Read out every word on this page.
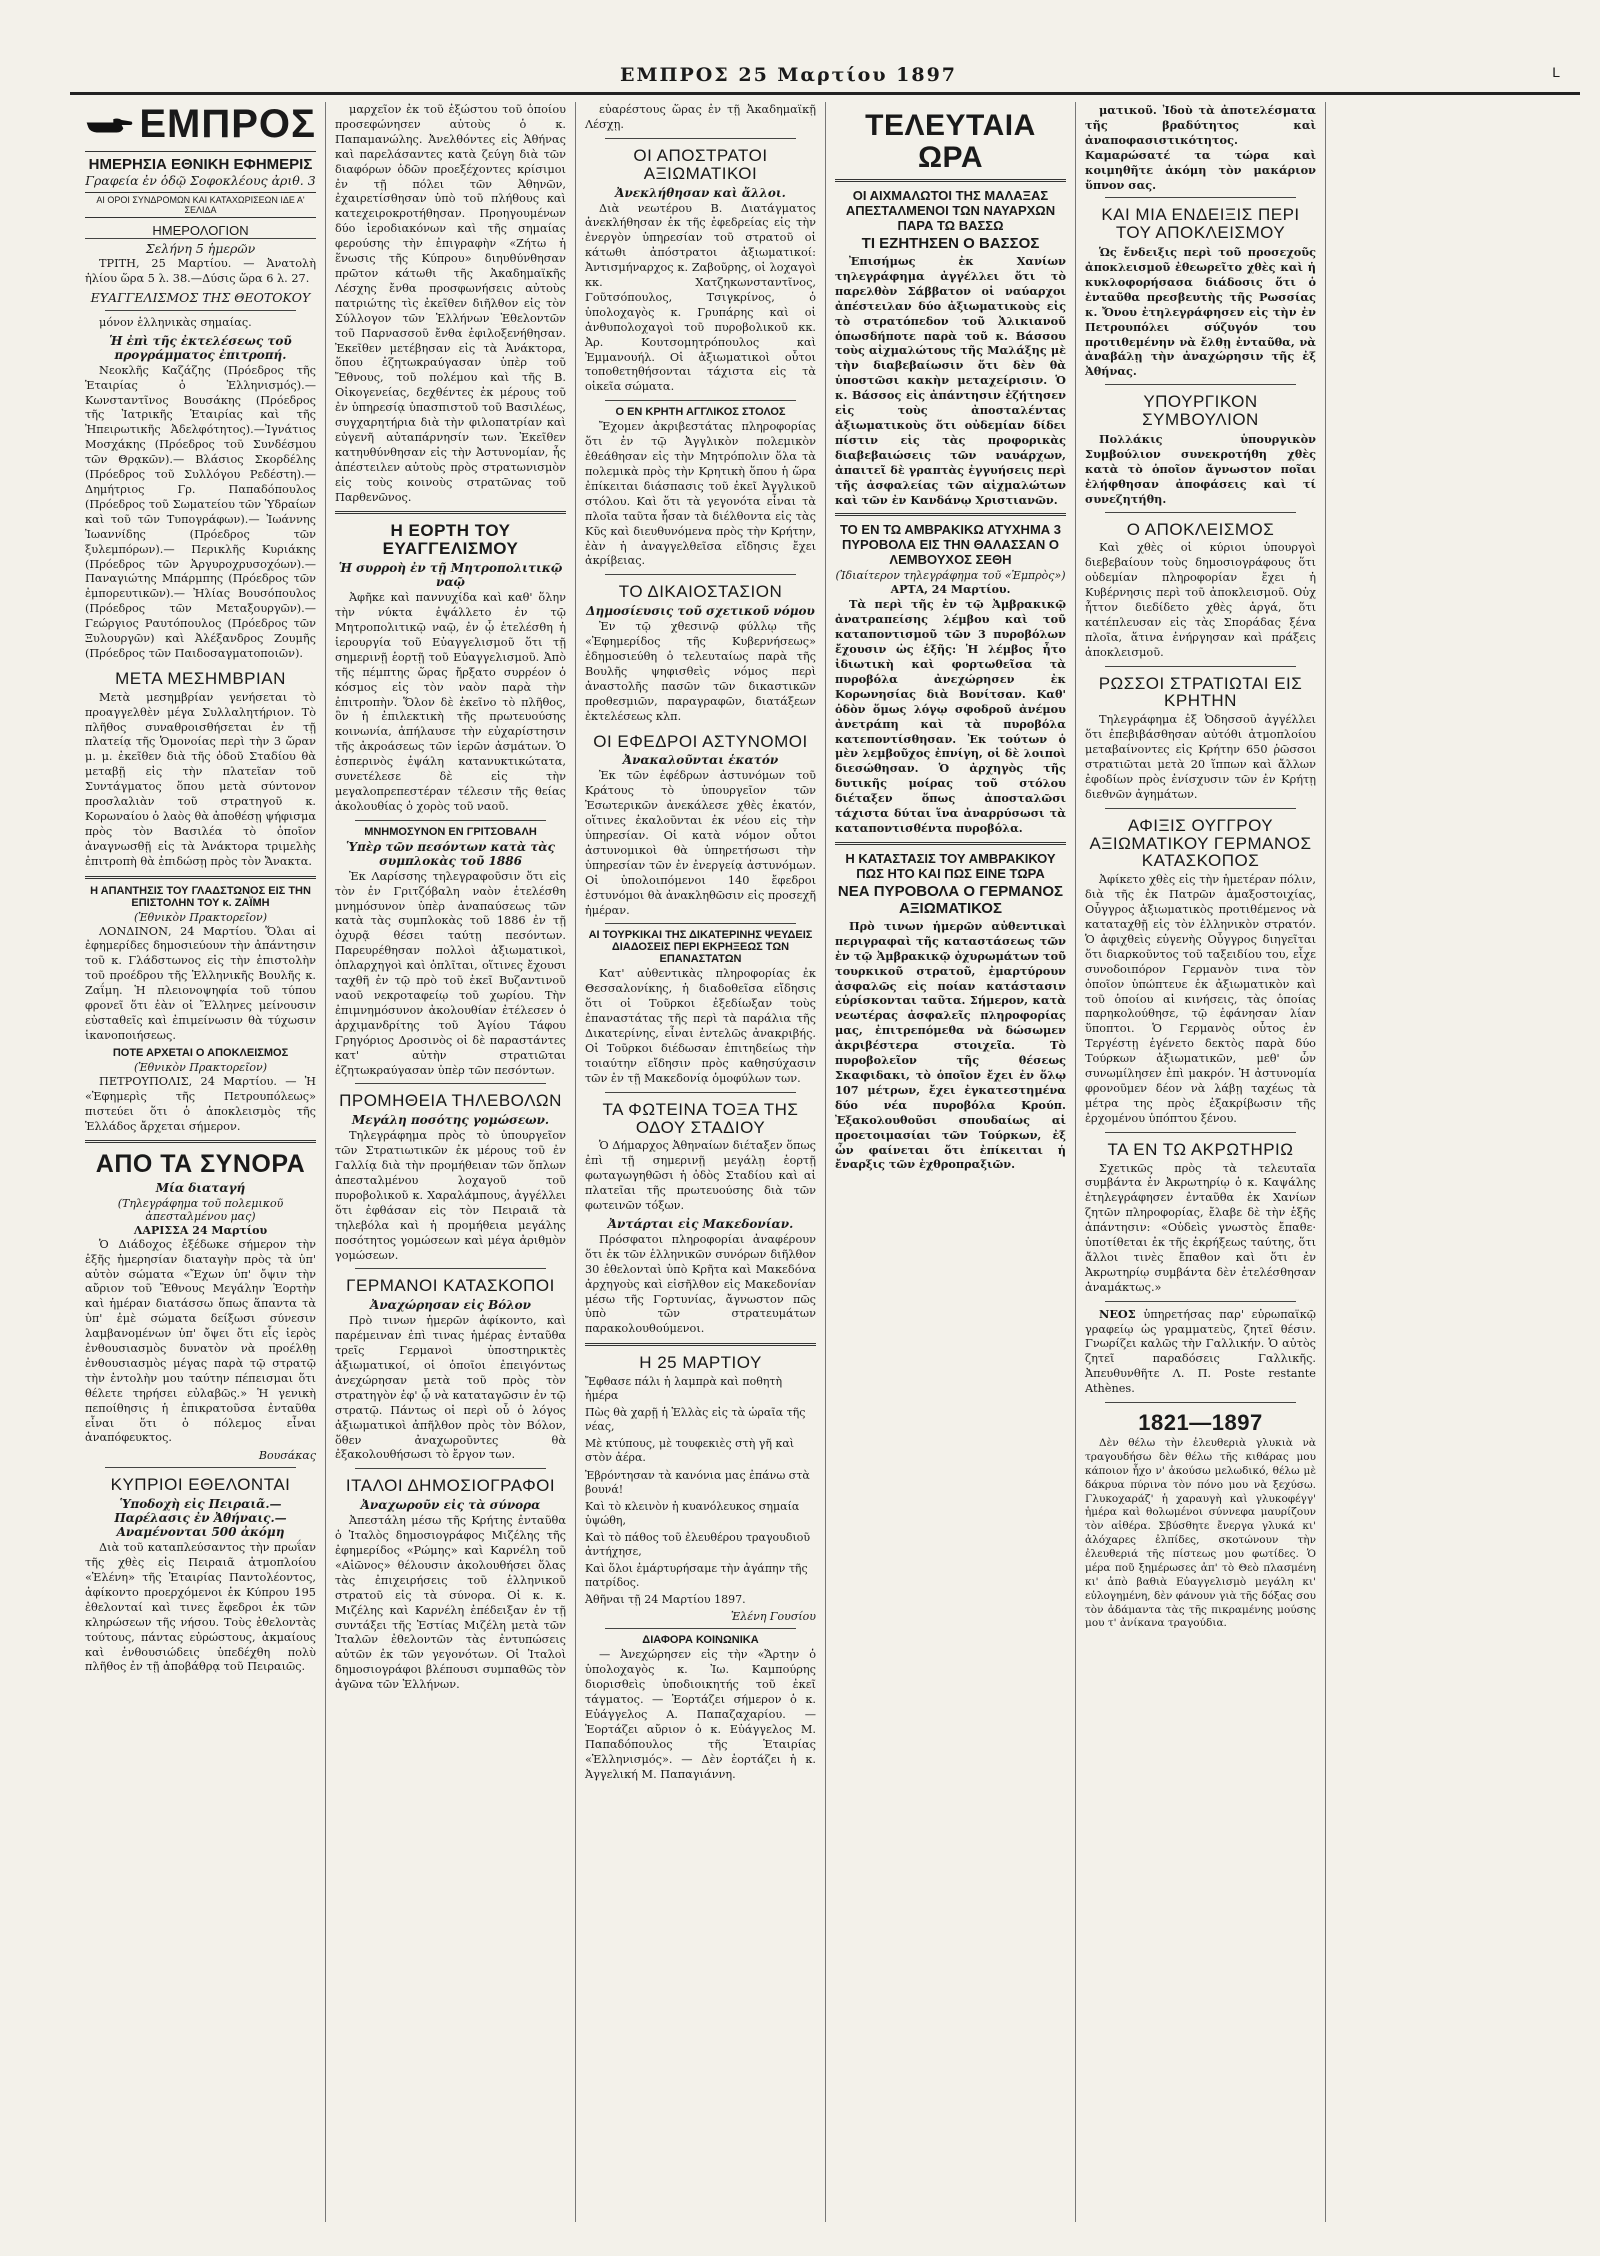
ΕΜΠΡΟΣ 25 Μαρτίου 1897	L
ΕΜΠΡΟΣ
ΗΜΕΡΗΣΙΑ ΕΘΝΙΚΗ ΕΦΗΜΕΡΙΣ
Γραφεία ἐν ὁδῷ Σοφοκλέους ἀριθ. 3
ΑΙ ΟΡΟΙ ΣΥΝΔΡΟΜΩΝ ΚΑΙ ΚΑΤΑΧΩΡΙΣΕΩΝ ΙΔΕ Α' ΣΕΛΙΔΑ
ΗΜΕΡΟΛΟΓΙΟΝ
Σελήνη 5 ἡμερῶν

ΤΡΙΤΗ, 25 Μαρτίου. — Ἀνατολὴ ἡλίου ὥρα 5 λ. 38.—Δύσις ὥρα 6 λ. 27.

ΕΥΑΓΓΕΛΙΣΜΟΣ ΤΗΣ ΘΕΟΤΟΚΟΥ

μόνον ἑλληνικὰς σημαίας.

Ἡ ἐπὶ τῆς ἐκτελέσεως τοῦ προγράμματος ἐπιτροπή.

Νεοκλῆς Καζάζης (Πρόεδρος τῆς Ἑταιρίας ὁ Ἑλληνισμός).—Κωνσταντῖνος Βουσάκης (Πρόεδρος τῆς Ἰατρικῆς Ἑταιρίας καὶ τῆς Ἠπειρωτικῆς Ἀδελφότητος).—Ἰγνάτιος Μοσχάκης (Πρόεδρος τοῦ Συνδέσμου τῶν Θρᾳκῶν).— Βλάσιος Σκορδέλης (Πρόεδρος τοῦ Συλλόγου Ρεδέστη).— Δημήτριος Γρ. Παπαδόπουλος (Πρόεδρος τοῦ Σωματείου τῶν Ὑδραίων καὶ τοῦ τῶν Τυπογράφων).— Ἰωάννης Ἰωαννίδης (Πρόεδρος τῶν ξυλεμπόρων).— Περικλῆς Κυριάκης (Πρόεδρος τῶν Ἀργυροχρυσοχόων).— Παναγιώτης Μπάρμπης (Πρόεδρος τῶν ἐμπορευτικῶν).— Ἠλίας Βουσόπουλος (Πρόεδρος τῶν Μεταξουργῶν).— Γεώργιος Ραυτόπουλος (Πρόεδρος τῶν Ξυλουργῶν) καὶ Ἀλέξανδρος Ζουμῆς (Πρόεδρος τῶν Παιδοσαγματοποιῶν).

ΜΕΤΑ ΜΕΣΗΜΒΡΙΑΝ

Μετὰ μεσημβρίαν γενήσεται τὸ προαγγελθὲν μέγα Συλλαλητήριον. Τὸ πλῆθος συναθροισθήσεται ἐν τῇ πλατείᾳ τῆς Ὁμονοίας περὶ τὴν 3 ὥραν μ. μ. ἐκεῖθεν διὰ τῆς ὁδοῦ Σταδίου θὰ μεταβῇ εἰς τὴν πλατεῖαν τοῦ Συντάγματος ὅπου μετὰ σύντονον προσλαλιὰν τοῦ στρατηγοῦ κ. Κορωναίου ὁ λαὸς θὰ ἀποθέσῃ ψήφισμα πρὸς τὸν Βασιλέα τὸ ὁποῖον ἀναγνωσθῇ εἰς τὰ Ἀνάκτορα τριμελὴς ἐπιτροπὴ θὰ ἐπιδώσῃ πρὸς τὸν Ἄνακτα.

Η ΑΠΑΝΤΗΣΙΣ ΤΟΥ ΓΛΑΔΣΤΩΝΟΣ ΕΙΣ ΤΗΝ ΕΠΙΣΤΟΛΗΝ ΤΟΥ κ. ΖΑΪΜΗ
(Ἐθνικὸν Πρακτορεῖον)

ΛΟΝΔΙΝΟΝ, 24 Μαρτίου. Ὅλαι αἱ ἐφημερίδες δημοσιεύουν τὴν ἀπάντησιν τοῦ κ. Γλάδστωνος εἰς τὴν ἐπιστολὴν τοῦ προέδρου τῆς Ἑλληνικῆς Βουλῆς κ. Ζαΐμη. Ἡ πλειονοψηφία τοῦ τύπου φρονεῖ ὅτι ἐὰν οἱ Ἕλληνες μείνουσιν εὐσταθεῖς καὶ ἐπιμείνωσιν θὰ τύχωσιν ἱκανοποιήσεως.

ΠΟΤΕ ΑΡΧΕΤΑΙ Ο ΑΠΟΚΛΕΙΣΜΟΣ
(Ἐθνικὸν Πρακτορεῖον)

ΠΕΤΡΟΥΠΟΛΙΣ, 24 Μαρτίου. — Ἡ «Ἐφημερὶς τῆς Πετρουπόλεως» πιστεύει ὅτι ὁ ἀποκλεισμὸς τῆς Ἑλλάδος ἄρχεται σήμερον.

ΑΠΟ ΤΑ ΣΥΝΟΡΑ
Μία διαταγή
(Τηλεγράφημα τοῦ πολεμικοῦ ἀπεσταλμένου μας)
ΛΑΡΙΣΣΑ 24 Μαρτίου

Ὁ Διάδοχος ἐξέδωκε σήμερον τὴν ἑξῆς ἡμερησίαν διαταγὴν πρὸς τὰ ὑπ' αὐτὸν σώματα «Ἔχων ὑπ' ὄψιν τὴν αὔριον τοῦ Ἔθνους Μεγάλην Ἑορτὴν καὶ ἡμέραν διατάσσω ὅπως ἅπαντα τὰ ὑπ' ἐμὲ σώματα δείξωσι σύνεσιν λαμβανομένων ὑπ' ὄψει ὅτι εἶς ἰερὸς ἐνθουσιασμὸς δυνατὸν νὰ προέλθῃ ἐνθουσιασμὸς μέγας παρὰ τῷ στρατῷ τὴν ἐντολὴν μου ταύτην πέπεισμαι ὅτι θέλετε τηρήσει εὐλαβῶς.» Ἡ γενικὴ πεποίθησις ἡ ἐπικρατοῦσα ἐνταῦθα εἶναι ὅτι ὁ πόλεμος εἶναι ἀναπόφευκτος.

Βουσάκας
ΚΥΠΡΙΟΙ ΕΘΕΛΟΝΤΑΙ
Ὑποδοχὴ εἰς Πειραιᾶ.— Παρέλασις ἐν Ἀθήναις.— Αναμένονται 500 ἀκόμη

Διὰ τοῦ καταπλεύσαντος τὴν πρωΐαν τῆς χθὲς εἰς Πειραιᾶ ἀτμοπλοίου «Ἑλένη» τῆς Ἑταιρίας Παντολέοντος, ἀφίκοντο προερχόμενοι ἐκ Κύπρου 195 ἐθελονταί καὶ τινες ἔφεδροι ἐκ τῶν κληρώσεων τῆς νήσου. Τοὺς ἐθελοντὰς τούτους, πάντας εὐρώστους, ἀκμαίους καὶ ἐνθουσιώδεις ὑπεδέχθη πολὺ πλῆθος ἐν τῇ ἀποβάθρᾳ τοῦ Πειραιῶς.

μαρχεῖον ἐκ τοῦ ἐξώστου τοῦ ὁποίου προσεφώνησεν αὐτοὺς ὁ κ. Παπαμανώλης. Ἀνελθόντες εἰς Ἀθήνας καὶ παρελάσαντες κατὰ ζεύγη διὰ τῶν διαφόρων ὁδῶν προεξέχοντες κρίσιμοι ἐν τῇ πόλει τῶν Ἀθηνῶν, ἐχαιρετίσθησαν ὑπὸ τοῦ πλήθους καὶ κατεχειροκροτήθησαν. Προηγουμένων δύο ἱεροδιακόνων καὶ τῆς σημαίας φερούσης τὴν ἐπιγραφὴν «Ζήτω ἡ ἕνωσις τῆς Κύπρου» διηυθύνθησαν πρῶτον κάτωθι τῆς Ἀκαδημαϊκῆς Λέσχης ἔνθα προσφωνήσεις αὐτοὺς πατριώτης τὶς ἐκεῖθεν διῆλθον εἰς τὸν Σύλλογον τῶν Ἑλλήνων Ἐθελοντῶν τοῦ Παρνασσοῦ ἔνθα ἐφιλοξενήθησαν. Ἐκεῖθεν μετέβησαν εἰς τὰ Ἀνάκτορα, ὅπου ἐζητωκραύγασαν ὑπὲρ τοῦ Ἔθνους, τοῦ πολέμου καὶ τῆς Β. Οἰκογενείας, δεχθέντες ἐκ μέρους τοῦ ἐν ὑπηρεσίᾳ ὑπασπιστοῦ τοῦ Βασιλέως, συγχαρητήρια διὰ τὴν φιλοπατρίαν καὶ εὐγενῆ αὐταπάρνησίν των. Ἐκεῖθεν κατηυθύνθησαν εἰς τὴν Ἀστυνομίαν, ἧς ἀπέστειλεν αὐτοὺς πρὸς στρατωνισμὸν εἰς τοὺς κοινοὺς στρατῶνας τοῦ Παρθενῶνος.

Η ΕΟΡΤΗ ΤΟΥ ΕΥΑΓΓΕΛΙΣΜΟΥ
Ἡ συρροὴ ἐν τῇ Μητροπολιτικῷ ναῷ

Ἀφῆκε καὶ παννυχίδα καὶ καθ' ὅλην τὴν νύκτα ἐψάλλετο ἐν τῷ Μητροπολιτικῷ ναῷ, ἐν ᾧ ἐτελέσθη ἡ ἱερουργία τοῦ Εὐαγγελισμοῦ ὅτι τῇ σημερινῇ ἑορτῇ τοῦ Εὐαγγελισμοῦ. Ἀπὸ τῆς πέμπτης ὥρας ἤρξατο συρρέον ὁ κόσμος εἰς τὸν ναὸν παρὰ τὴν ἐπιτροπὴν. Ὅλον δὲ ἐκεῖνο τὸ πλῆθος, ὃν ἡ ἐπιλεκτικὴ τῆς πρωτευούσης κοινωνία, ἀπήλαυσε τὴν εὐχαρίστησιν τῆς ἀκροάσεως τῶν ἱερῶν ἀσμάτων. Ὁ ἐσπερινὸς ἐψάλη κατανυκτικώτατα, συνετέλεσε δὲ εἰς τὴν μεγαλοπρεπεστέραν τέλεσιν τῆς θείας ἀκολουθίας ὁ χορὸς τοῦ ναοῦ.

ΜΝΗΜΟΣΥΝΟΝ ΕΝ ΓΡΙΤΣΟΒΑΛΗ
Ὑπὲρ τῶν πεσόντων κατὰ τὰς συμπλοκὰς τοῦ 1886

Ἐκ Λαρίσσης τηλεγραφοῦσιν ὅτι εἰς τὸν ἐν Γριτζόβαλη ναὸν ἐτελέσθη μνημόσυνον ὑπὲρ ἀναπαύσεως τῶν κατὰ τὰς συμπλοκὰς τοῦ 1886 ἐν τῇ ὀχυρᾷ θέσει ταύτῃ πεσόντων. Παρευρέθησαν πολλοὶ ἀξιωματικοὶ, ὁπλαρχηγοὶ καὶ ὁπλῖται, οἵτινες ἔχουσι ταχθῆ ἐν τῷ πρὸ τοῦ ἐκεῖ Βυζαντινοῦ ναοῦ νεκροταφείῳ τοῦ χωρίου. Τὴν ἐπιμνημόσυνον ἀκολουθίαν ἐτέλεσεν ὁ ἀρχιμανδρίτης τοῦ Ἁγίου Τάφου Γρηγόριος Δροσινὸς οἱ δὲ παραστάντες κατ' αὐτὴν στρατιῶται ἐζητωκραύγασαν ὑπὲρ τῶν πεσόντων.

ΠΡΟΜΗΘΕΙΑ ΤΗΛΕΒΟΛΩΝ
Μεγάλη ποσότης γομώσεων.

Τηλεγράφημα πρὸς τὸ ὑπουργεῖον τῶν Στρατιωτικῶν ἐκ μέρους τοῦ ἐν Γαλλίᾳ διὰ τὴν προμήθειαν τῶν ὅπλων ἀπεσταλμένου λοχαγοῦ τοῦ πυροβολικοῦ κ. Χαραλάμπους, ἀγγέλλει ὅτι ἐφθάσαν εἰς τὸν Πειραιᾶ τὰ τηλεβόλα καὶ ἡ προμήθεια μεγάλης ποσότητος γομώσεων καὶ μέγα ἀριθμὸν γομώσεων.

ΓΕΡΜΑΝΟΙ ΚΑΤΑΣΚΟΠΟΙ
Ἀναχώρησαν εἰς Βόλον

Πρὸ τινων ἡμερῶν ἀφίκοντο, καὶ παρέμειναν ἐπὶ τινας ἡμέρας ἐνταῦθα τρεῖς Γερμανοὶ ὑποστηρικτὲς ἀξιωματικοί, οἱ ὁποῖοι ἐπειγόντως ἀνεχώρησαν μετὰ τοῦ πρὸς τὸν στρατηγὸν ἐφ' ᾧ νὰ καταταγῶσιν ἐν τῷ στρατῷ. Πάντως οἱ περὶ οὗ ὁ λόγος ἀξιωματικοὶ ἀπῆλθον πρὸς τὸν Βόλον, ὅθεν ἀναχωροῦντες θὰ ἐξακολουθήσωσι τὸ ἔργον των.

ΙΤΑΛΟΙ ΔΗΜΟΣΙΟΓΡΑΦΟΙ
Ἀναχωροῦν εἰς τὰ σύνορα

Ἀπεστάλη μέσω τῆς Κρήτης ἐνταῦθα ὁ Ἰταλὸς δημοσιογράφος Μιζέλης τῆς ἐφημερίδος «Ρώμης» καὶ Καρνέλη τοῦ «Αἰῶνος» θέλουσιν ἀκολουθήσει ὅλας τὰς ἐπιχειρήσεις τοῦ ἑλληνικοῦ στρατοῦ εἰς τὰ σύνορα. Οἱ κ. κ. Μιζέλης καὶ Καρνέλη ἐπέδειξαν ἐν τῇ συντάξει τῆς Ἑστίας Μιζέλη μετὰ τῶν Ἰταλῶν ἐθελοντῶν τὰς ἐντυπώσεις αὐτῶν ἐκ τῶν γεγονότων. Οἱ Ἰταλοὶ δημοσιογράφοι βλέπουσι συμπαθῶς τὸν ἀγῶνα τῶν Ἑλλήνων.

εὐαρέστους ὥρας ἐν τῇ Ἀκαδημαϊκῇ Λέσχῃ.

ΟΙ ΑΠΟΣΤΡΑΤΟΙ ΑΞΙΩΜΑΤΙΚΟΙ
Ἀνεκλήθησαν καὶ ἄλλοι.

Διὰ νεωτέρου Β. Διατάγματος ἀνεκλήθησαν ἐκ τῆς ἐφεδρείας εἰς τὴν ἐνεργὸν ὑπηρεσίαν τοῦ στρατοῦ οἱ κάτωθι ἀπόστρατοι ἀξιωματικοί: Ἀντισμήναρχος κ. Ζαβοῦρης, οἱ λοχαγοὶ κκ. Χατζηκωνσταντῖνος, Γοῦτσόπουλος, Τσιγκρίνος, ὁ ὑπολοχαγὸς κ. Γρυπάρης καὶ οἱ ἀνθυπολοχαγοὶ τοῦ πυροβολικοῦ κκ. Ἀρ. Κουτσομητρόπουλος καὶ Ἐμμανουήλ. Οἱ ἀξιωματικοὶ οὗτοι τοποθετηθήσονται τάχιστα εἰς τὰ οἰκεῖα σώματα.

Ο ΕΝ ΚΡΗΤΗ ΑΓΓΛΙΚΟΣ ΣΤΟΛΟΣ

Ἔχομεν ἀκριβεστάτας πληροφορίας ὅτι ἐν τῷ Ἀγγλικὸν πολεμικὸν ἐθεάθησαν εἰς τὴν Μητρόπολιν ὅλα τὰ πολεμικὰ πρὸς τὴν Κρητικὴ ὅπου ἡ ὥρα ἐπίκειται διάσπασις τοῦ ἐκεῖ Ἀγγλικοῦ στόλου. Καὶ ὅτι τὰ γεγονότα εἶναι τὰ πλοῖα ταῦτα ἦσαν τὰ διέλθοντα εἰς τὰς Κῦς καὶ διευθυνόμενα πρὸς τὴν Κρήτην, ἐὰν ἡ ἀναγγελθεῖσα εἴδησις ἔχει ἀκρίβειας.

ΤΟ ΔΙΚΑΙΟΣΤΑΣΙΟΝ
Δημοσίευσις τοῦ σχετικοῦ νόμου

Ἐν τῷ χθεσινῷ φύλλῳ τῆς «Ἐφημερίδος τῆς Κυβερνήσεως» ἐδημοσιεύθη ὁ τελευταίως παρὰ τῆς Βουλῆς ψηφισθεὶς νόμος περὶ ἀναστολῆς πασῶν τῶν δικαστικῶν προθεσμιῶν, παραγραφῶν, διατάξεων ἐκτελέσεως κλπ.

ΟΙ ΕΦΕΔΡΟΙ ΑΣΤΥΝΟΜΟΙ
Ἀνακαλοῦνται ἑκατόν

Ἐκ τῶν ἐφέδρων ἀστυνόμων τοῦ Κράτους τὸ ὑπουργεῖον τῶν Ἐσωτερικῶν ἀνεκάλεσε χθὲς ἑκατόν, οἵτινες ἐκαλοῦνται ἐκ νέου εἰς τὴν ὑπηρεσίαν. Οἱ κατὰ νόμον οὗτοι ἀστυνομικοὶ θὰ ὑπηρετήσωσι τὴν ὑπηρεσίαν τῶν ἐν ἐνεργείᾳ ἀστυνόμων. Οἱ ὑπολοιπόμενοι 140 ἔφεδροι ἐστυνόμοι θὰ ἀνακληθῶσιν εἰς προσεχῆ ἡμέραν.

ΑΙ ΤΟΥΡΚΙΚΑΙ ΤΗΣ ΔΙΚΑΤΕΡΙΝΗΣ ΨΕΥΔΕΙΣ ΔΙΑΔΟΣΕΙΣ ΠΕΡΙ ΕΚΡΗΞΕΩΣ ΤΩΝ ΕΠΑΝΑΣΤΑΤΩΝ

Κατ' αὐθεντικὰς πληροφορίας ἐκ Θεσσαλονίκης, ἡ διαδοθεῖσα εἴδησις ὅτι οἱ Τοῦρκοι ἐξεδίωξαν τοὺς ἐπαναστάτας τῆς περὶ τὰ παράλια τῆς Δικατερίνης, εἶναι ἐντελῶς ἀνακριβής. Οἱ Τοῦρκοι διέδωσαν ἐπιτηδείως τὴν τοιαύτην εἴδησιν πρὸς καθησύχασιν τῶν ἐν τῇ Μακεδονίᾳ ὁμοφύλων των.

ΤΑ ΦΩΤΕΙΝΑ ΤΟΞΑ ΤΗΣ ΟΔΟΥ ΣΤΑΔΙΟΥ

Ὁ Δήμαρχος Ἀθηναίων διέταξεν ὅπως ἐπὶ τῇ σημερινῇ μεγάλῃ ἑορτῇ φωταγωγηθῶσι ἡ ὁδὸς Σταδίου καὶ αἱ πλατεῖαι τῆς πρωτευούσης διὰ τῶν φωτεινῶν τόξων.

Ἀντάρται εἰς Μακεδονίαν.

Πρόσφατοι πληροφορίαι ἀναφέρουν ὅτι ἐκ τῶν ἑλληνικῶν συνόρων διῆλθον 30 ἐθελονταὶ ὑπὸ Κρῆτα καὶ Μακεδόνα ἀρχηγοὺς καὶ εἰσῆλθον εἰς Μακεδονίαν μέσω τῆς Γορτυνίας, ἄγνωστον πῶς ὑπὸ τῶν στρατευμάτων παρακολουθούμενοι.

Η 25 ΜΑΡΤΙΟΥ

Ἔφθασε πάλι ἡ λαμπρὰ καὶ ποθητὴ ἡμέρα

Πὼς θὰ χαρῇ ἡ Ἑλλὰς εἰς τὰ ὡραῖα τῆς νέας,

Μὲ κτύπους, μὲ τουφεκιὲς στὴ γῆ καὶ στὸν ἀέρα.

Ἐβρόντησαν τὰ κανόνια μας ἐπάνω στὰ βουνά!

Καὶ τὸ κλεινὸν ἡ κυανόλευκος σημαία ὑψώθη,

Καὶ τὸ πάθος τοῦ ἐλευθέρου τραγουδιοῦ ἀντήχησε,

Καὶ ὅλοι ἐμάρτυρήσαμε τὴν ἀγάπην τῆς πατρίδος.

Ἀθῆναι τῇ 24 Μαρτίου 1897.

Ἑλένη Γουσίου
ΔΙΑΦΟΡΑ ΚΟΙΝΩΝΙΚΑ

— Ἀνεχώρησεν εἰς τὴν «Ἄρτην ὁ ὑπολοχαγὸς κ. Ἰω. Καμπούρης διορισθεὶς ὑποδιοικητής τοῦ ἐκεῖ τάγματος. — Ἑορτάζει σήμερον ὁ κ. Εὐάγγελος Α. Παπαζαχαρίου. — Ἑορτάζει αὔριον ὁ κ. Εὐάγγελος Μ. Παπαδόπουλος τῆς Ἑταιρίας «Ἑλληνισμός». — Δὲν ἑορτάζει ἡ κ. Ἀγγελική Μ. Παπαγιάννη.

ΤΕΛΕΥΤΑΙΑ ΩΡΑ
ΟΙ ΑΙΧΜΑΛΩΤΟΙ ΤΗΣ ΜΑΛΑΞΑΣ ΑΠΕΣΤΑΛΜΕΝΟΙ ΤΩΝ ΝΑΥΑΡΧΩΝ ΠΑΡΑ ΤΩ ΒΑΣΣΩ
ΤΙ ΕΖΗΤΗΣΕΝ Ο ΒΑΣΣΟΣ

Ἐπισήμως ἐκ Χανίων τηλεγράφημα ἀγγέλλει ὅτι τὸ παρελθὸν Σάββατον οἱ ναύαρχοι ἀπέστειλαν δύο ἀξιωματικοὺς εἰς τὸ στρατόπεδον τοῦ Ἀλικιανοῦ ὁπωσδήποτε παρὰ τοῦ κ. Βάσσου τοὺς αἰχμαλώτους τῆς Μαλάξης μὲ τὴν διαβεβαίωσιν ὅτι δὲν θὰ ὑποστῶσι κακὴν μεταχείρισιν. Ὁ κ. Βάσσος εἰς ἀπάντησιν ἐζήτησεν εἰς τοὺς ἀποσταλέντας ἀξιωματικοὺς ὅτι οὐδεμίαν δίδει πίστιν εἰς τὰς προφορικὰς διαβεβαιώσεις τῶν ναυάρχων, ἀπαιτεῖ δὲ γραπτὰς ἐγγυήσεις περὶ τῆς ἀσφαλείας τῶν αἰχμαλώτων καὶ τῶν ἐν Κανδάνῳ Χριστιανῶν.

ΤΟ ΕΝ ΤΩ ΑΜΒΡΑΚΙΚΩ ΑΤΥΧΗΜΑ 3 ΠΥΡΟΒΟΛΑ ΕΙΣ ΤΗΝ ΘΑΛΑΣΣΑΝ Ο ΛΕΜΒΟΥΧΟΣ ΣΕΘΗ
(Ἰδιαίτερον τηλεγράφημα τοῦ «Ἐμπρὸς»)
ΑΡΤΑ, 24 Μαρτίου.

Τὰ περὶ τῆς ἐν τῷ Ἀμβρακικῷ ἀνατραπείσης λέμβου καὶ τοῦ καταποντισμοῦ τῶν 3 πυροβόλων ἔχουσιν ὡς ἑξῆς: Ἡ λέμβος ἦτο ἰδιωτικὴ καὶ φορτωθεῖσα τὰ πυροβόλα ἀνεχώρησεν ἐκ Κορωνησίας διὰ Βονίτσαν. Καθ' ὁδὸν ὅμως λόγῳ σφοδροῦ ἀνέμου ἀνετράπη καὶ τὰ πυροβόλα κατεποντίσθησαν. Ἐκ τούτων ὁ μὲν λεμβοῦχος ἐπνίγη, οἱ δὲ λοιποὶ διεσώθησαν. Ὁ ἀρχηγὸς τῆς δυτικῆς μοίρας τοῦ στόλου διέταξεν ὅπως ἀποσταλῶσι τάχιστα δύται ἵνα ἀναρρύσωσι τὰ καταποντισθέντα πυροβόλα.

Η ΚΑΤΑΣΤΑΣΙΣ ΤΟΥ ΑΜΒΡΑΚΙΚΟΥ ΠΩΣ ΗΤΟ ΚΑΙ ΠΩΣ ΕΙΝΕ ΤΩΡΑ
ΝΕΑ ΠΥΡΟΒΟΛΑ Ο ΓΕΡΜΑΝΟΣ ΑΞΙΩΜΑΤΙΚΟΣ

Πρὸ τινων ἡμερῶν αὐθεντικαὶ περιγραφαὶ τῆς καταστάσεως τῶν ἐν τῷ Ἀμβρακικῷ ὀχυρωμάτων τοῦ τουρκικοῦ στρατοῦ, ἐμαρτύρουν ἀσφαλῶς εἰς ποίαν κατάστασιν εὑρίσκονται ταῦτα. Σήμερον, κατὰ νεωτέρας ἀσφαλεῖς πληροφορίας μας, ἐπιτρεπόμεθα νὰ δώσωμεν ἀκριβέστερα στοιχεῖα. Τὸ πυροβολεῖον τῆς θέσεως Σκαφιδακι, τὸ ὁποῖον ἔχει ἐν ὅλῳ 107 μέτρων, ἔχει ἐγκατεστημένα δύο νέα πυροβόλα Κρούπ. Ἐξακολουθοῦσι σπουδαίως αἱ προετοιμασίαι τῶν Τούρκων, ἐξ ὧν φαίνεται ὅτι ἐπίκειται ἡ ἔναρξις τῶν ἐχθροπραξιῶν.

ματικοῦ. Ἰδοὺ τὰ ἀποτελέσματα τῆς βραδύτητος καὶ ἀναποφασιστικότητος. Καμαρώσατέ τα τώρα καὶ κοιμηθῆτε ἀκόμη τὸν μακάριον ὕπνον σας.

ΚΑΙ ΜΙΑ ΕΝΔΕΙΞΙΣ ΠΕΡΙ ΤΟΥ ΑΠΟΚΛΕΙΣΜΟΥ

Ὡς ἔνδειξις περὶ τοῦ προσεχοῦς ἀποκλεισμοῦ ἐθεωρεῖτο χθὲς καὶ ἡ κυκλοφορήσασα διάδοσις ὅτι ὁ ἐνταῦθα πρεσβευτὴς τῆς Ρωσσίας κ. Ὄνου ἐτηλεγράφησεν εἰς τὴν ἐν Πετρουπόλει σύζυγόν του προτιθεμένην νὰ ἔλθῃ ἐνταῦθα, νὰ ἀναβάλῃ τὴν ἀναχώρησιν τῆς ἐξ Ἀθήνας.

ΥΠΟΥΡΓΙΚΟΝ ΣΥΜΒΟΥΛΙΟΝ

Πολλάκις ὑπουργικὸν Συμβούλιον συνεκροτήθη χθὲς κατὰ τὸ ὁποῖον ἄγνωστον ποῖαι ἐλήφθησαν ἀποφάσεις καὶ τί συνεζητήθη.

Ο ΑΠΟΚΛΕΙΣΜΟΣ

Καὶ χθὲς οἱ κύριοι ὑπουργοὶ διεβεβαίουν τοὺς δημοσιογράφους ὅτι οὐδεμίαν πληροφορίαν ἔχει ἡ Κυβέρνησις περὶ τοῦ ἀποκλεισμοῦ. Οὐχ ἧττον διεδίδετο χθὲς ἀργά, ὅτι κατέπλευσαν εἰς τὰς Σποράδας ξένα πλοῖα, ἅτινα ἐνήργησαν καὶ πράξεις ἀποκλεισμοῦ.

ΡΩΣΣΟΙ ΣΤΡΑΤΙΩΤΑΙ ΕΙΣ ΚΡΗΤΗΝ

Τηλεγράφημα ἐξ Ὀδησσοῦ ἀγγέλλει ὅτι ἐπεβιβάσθησαν αὐτόθι ἀτμοπλοίου μεταβαίνοντες εἰς Κρήτην 650 ῥῶσσοι στρατιῶται μετὰ 20 ἵππων καὶ ἄλλων ἐφοδίων πρὸς ἐνίσχυσιν τῶν ἐν Κρήτῃ διεθνῶν ἀγημάτων.

ΑΦΙΞΙΣ ΟΥΓΓΡΟΥ ΑΞΙΩΜΑΤΙΚΟΥ ΓΕΡΜΑΝΟΣ ΚΑΤΑΣΚΟΠΟΣ

Ἀφίκετο χθὲς εἰς τὴν ἡμετέραν πόλιν, διὰ τῆς ἐκ Πατρῶν ἁμαξοστοιχίας, Οὖγγρος ἀξιωματικὸς προτιθέμενος νὰ καταταχθῇ εἰς τὸν ἑλληνικὸν στρατόν. Ὁ ἀφιχθεὶς εὐγενὴς Οὖγγρος διηγεῖται ὅτι διαρκοῦντος τοῦ ταξειδίου του, εἶχε συνοδοιπόρον Γερμανὸν τινα τὸν ὁποῖον ὑπώπτευε ἐκ ἀξιωματικὸν καὶ τοῦ ὁποίου αἱ κινήσεις, τὰς ὁποίας παρηκολούθησε, τῷ ἐφάνησαν λίαν ὕποπτοι. Ὁ Γερμανὸς οὗτος ἐν Τεργέστῃ ἐγένετο δεκτὸς παρὰ δύο Τούρκων ἀξιωματικῶν, μεθ' ὧν συνωμίλησεν ἐπὶ μακρόν. Ἡ ἀστυνομία φρονοῦμεν δέον νὰ λάβῃ ταχέως τὰ μέτρα της πρὸς ἐξακρίβωσιν τῆς ἐρχομένου ὑπόπτου ξένου.

ΤΑ ΕΝ ΤΩ ΑΚΡΩΤΗΡΙΩ

Σχετικῶς πρὸς τὰ τελευταῖα συμβάντα ἐν Ἀκρωτηρίῳ ὁ κ. Καψάλης ἐτηλεγράφησεν ἐνταῦθα ἐκ Χανίων ζητῶν πληροφορίας, ἔλαβε δὲ τὴν ἑξῆς ἀπάντησιν: «Οὐδεὶς γνωστὸς ἔπαθε· ὑποτίθεται ἐκ τῆς ἐκρήξεως ταύτης, ὅτι ἄλλοι τινὲς ἔπαθον καὶ ὅτι ἐν Ἀκρωτηρίῳ συμβάντα δὲν ἐτελέσθησαν ἀναμάκτως.»

ΝΕΟΣ ὑπηρετήσας παρ' εὐρωπαϊκῷ γραφείῳ ὡς γραμματεὺς, ζητεῖ θέσιν. Γνωρίζει καλῶς τὴν Γαλλικήν. Ὁ αὐτὸς ζητεῖ παραδόσεις Γαλλικῆς. Ἀπευθυνθῆτε Λ. Π. Poste restante Athènes.

1821—1897

Δὲν θέλω τὴν ἐλευθεριὰ γλυκιὰ νὰ τραγουδήσω δὲν θέλω τῆς κιθάρας μου κάποιον ἦχο ν' ἀκούσω μελωδικό, θέλω μὲ δάκρυα πύρινα τὸν πόνο μου νὰ ξεχύσω. Γλυκοχαράζ' ἡ χαραυγὴ καὶ γλυκοφέγγ' ἡμέρα καὶ θολωμένοι σύννεφα μαυρίζουν τὸν αἰθέρα. Σβύσθητε ἔνεργα γλυκά κι' ἀλόχαρες ἐλπίδες, σκοτώνουν τὴν ἐλευθεριά τῆς πίστεως μου φωτίδες. Ὁ μέρα ποῦ ξημέρωσες ἀπ' τὸ Θεὸ πλασμένη κι' ἀπὸ βαθιὰ Εὐαγγελισμὸ μεγάλη κι' εὐλογημένη, δὲν φάνουν γιὰ τῆς δόξας σου τὸν ἀδάμαντα τὰς τῆς πικραμένης μούσης μου τ' ἀνίκανα τραγούδια.
